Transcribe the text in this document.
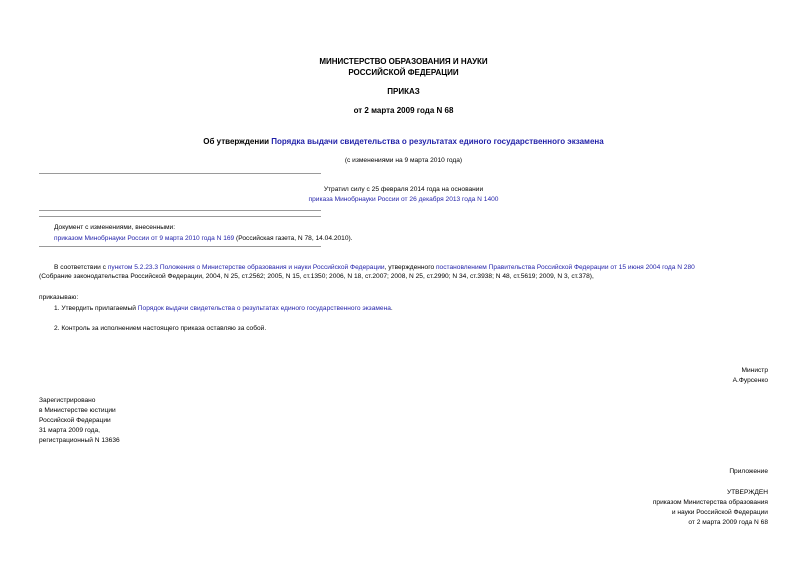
МИНИСТЕРСТВО ОБРАЗОВАНИЯ И НАУКИ
РОССИЙСКОЙ ФЕДЕРАЦИИ
ПРИКАЗ
от 2 марта 2009 года N 68
Об утверждении Порядка выдачи свидетельства о результатах единого государственного экзамена
(с изменениями на 9 марта 2010 года)
Утратил силу с 25 февраля 2014 года на основании
приказа Минобрнауки России от 26 декабря 2013 года N 1400
Документ с изменениями, внесенными:
приказом Минобрнауки России от 9 марта 2010 года N 169 (Российская газета, N 78, 14.04.2010).
В соответствии с пунктом 5.2.23.3 Положения о Министерстве образования и науки Российской Федерации, утвержденного постановлением Правительства Российской Федерации от 15 июня 2004 года N 280
(Собрание законодательства Российской Федерации, 2004, N 25, ст.2562; 2005, N 15, ст.1350; 2006, N 18, ст.2007; 2008, N 25, ст.2990; N 34, ст.3938; N 48, ст.5619; 2009, N 3, ст.378),
приказываю:
1. Утвердить прилагаемый Порядок выдачи свидетельства о результатах единого государственного экзамена.
2. Контроль за исполнением настоящего приказа оставляю за собой.
Министр
А.Фурсенко
Зарегистрировано
в Министерстве юстиции
Российской Федерации
31 марта 2009 года,
регистрационный N 13636
Приложение
УТВЕРЖДЕН
приказом Министерства образования
и науки Российской Федерации
от 2 марта 2009 года N 68
